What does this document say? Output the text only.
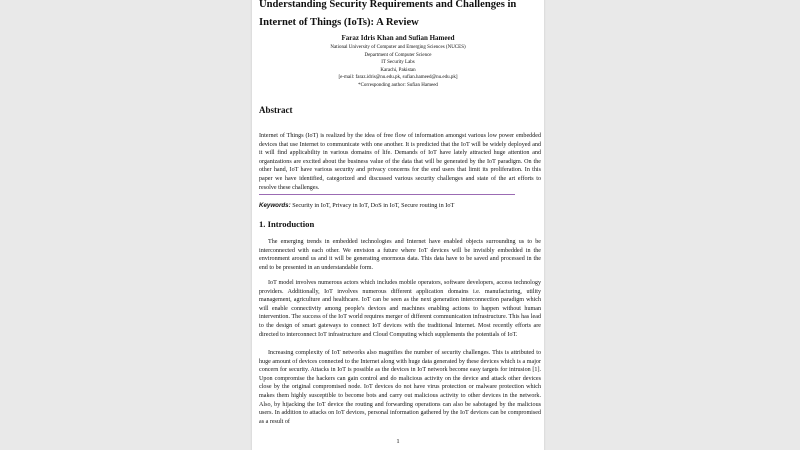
Understanding Security Requirements and Challenges in Internet of Things (IoTs): A Review
Faraz Idris Khan and Sufian Hameed
National University of Computer and Emerging Sciences (NUCES)
Department of Computer Science
IT Security Labs
Karachi, Pakistan
[e-mail: faraz.idris@nu.edu.pk, sufian.hameed@nu.edu.pk]
*Corresponding author: Sufian Hameed
Abstract
Internet of Things (IoT) is realized by the idea of free flow of information amongst various low power embedded devices that use Internet to communicate with one another. It is predicted that the IoT will be widely deployed and it will find applicability in various domains of life. Demands of IoT have lately attracted huge attention and organizations are excited about the business value of the data that will be generated by the IoT paradigm. On the other hand, IoT have various security and privacy concerns for the end users that limit its proliferation. In this paper we have identified, categorized and discussed various security challenges and state of the art efforts to resolve these challenges.
Keywords: Security in IoT, Privacy in IoT, DoS in IoT, Secure routing in IoT
1. Introduction
The emerging trends in embedded technologies and Internet have enabled objects surrounding us to be interconnected with each other. We envision a future where IoT devices will be invisibly embedded in the environment around us and it will be generating enormous data. This data have to be saved and processed in the end to be presented in an understandable form.
IoT model involves numerous actors which includes mobile operators, software developers, access technology providers. Additionally, IoT involves numerous different application domains i.e. manufacturing, utility management, agriculture and healthcare. IoT can be seen as the next generation interconnection paradigm which will enable connectivity among people's devices and machines enabling actions to happen without human intervention. The success of the IoT world requires merger of different communication infrastructure. This has lead to the design of smart gateways to connect IoT devices with the traditional Internet. Most recently efforts are directed to interconnect IoT infrastructure and Cloud Computing which supplements the potentials of IoT.
Increasing complexity of IoT networks also magnifies the number of security challenges. This is attributed to huge amount of devices connected to the Internet along with huge data generated by these devices which is a major concern for security. Attacks in IoT is possible as the devices in IoT network become easy targets for intrusion [1]. Upon compromise the hackers can gain control and do malicious activity on the device and attack other devices close by the original compromised node. IoT devices do not have virus protection or malware protection which makes them highly susceptible to become bots and carry out malicious activity to other devices in the network. Also, by hijacking the IoT device the routing and forwarding operations can also be sabotaged by the malicious users. In addition to attacks on IoT devices, personal information gathered by the IoT devices can be compromised as a result of
1
